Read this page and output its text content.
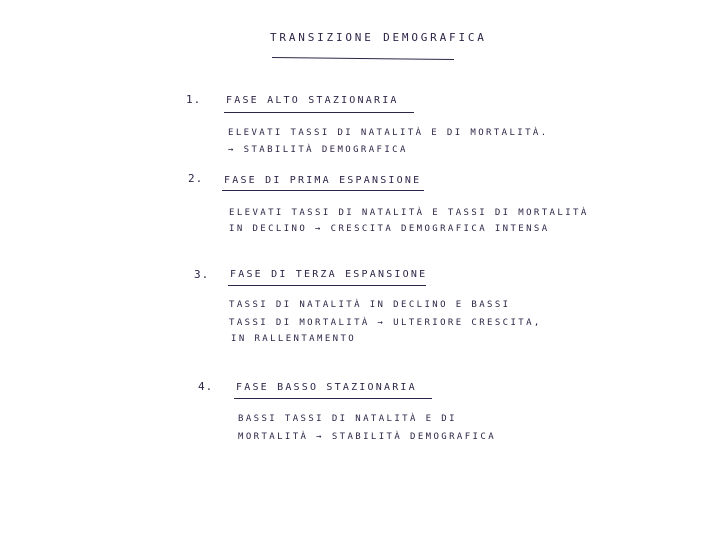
TRANSIZIONE DEMOGRAFICA
1. FASE ALTO STAZIONARIA
ELEVATI TASSI DI NATALITÀ E DI MORTALITÀ.
→ STABILITÀ DEMOGRAFICA
2. FASE DI PRIMA ESPANSIONE
ELEVATI TASSI DI NATALITÀ E TASSI DI MORTALITÀ
IN DECLINO → CRESCITA DEMOGRAFICA INTENSA
3. FASE DI TERZA ESPANSIONE
TASSI DI NATALITÀ IN DECLINO E BASSI
TASSI DI MORTALITÀ → ULTERIORE CRESCITA,
IN RALLENTAMENTO
4. FASE BASSO STAZIONARIA
BASSI TASSI DI NATALITÀ E DI
MORTALITÀ → STABILITÀ DEMOGRAFICA
